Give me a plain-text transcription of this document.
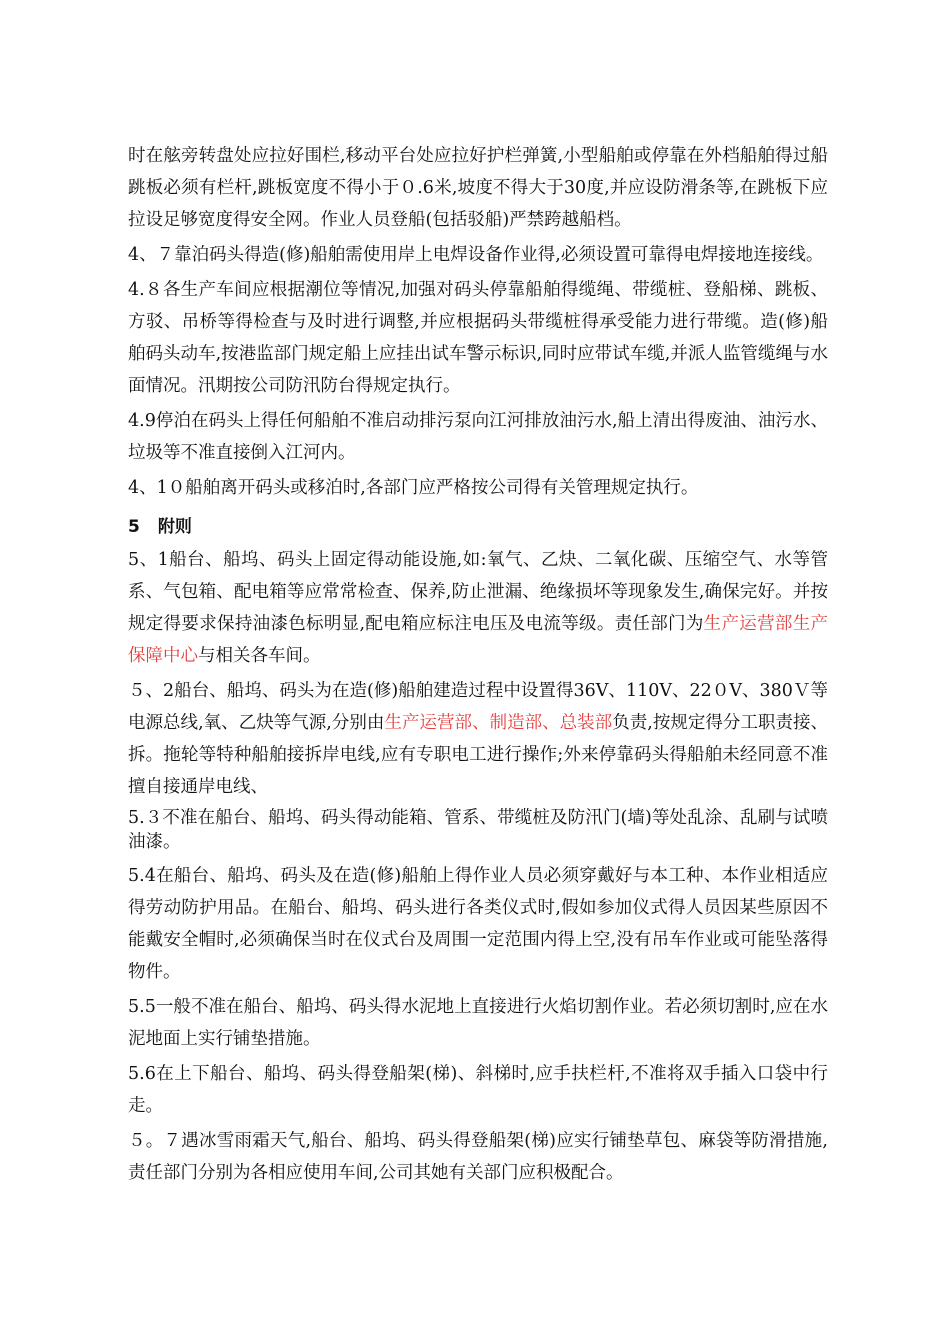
时在舷旁转盘处应拉好围栏,移动平台处应拉好护栏弹簧,小型船舶或停靠在外档船舶得过船跳板必须有栏杆,跳板宽度不得小于０.6米,坡度不得大于30度,并应设防滑条等,在跳板下应拉设足够宽度得安全网。作业人员登船(包括驳船)严禁跨越船档。

4、７靠泊码头得造(修)船舶需使用岸上电焊设备作业得,必须设置可靠得电焊接地连接线。

4.８各生产车间应根据潮位等情况,加强对码头停靠船舶得缆绳、带缆桩、登船梯、跳板、方驳、吊桥等得检查与及时进行调整,并应根据码头带缆桩得承受能力进行带缆。造(修)船舶码头动车,按港监部门规定船上应挂出试车警示标识,同时应带试车缆,并派人监管缆绳与水面情况。汛期按公司防汛防台得规定执行。

4.9停泊在码头上得任何船舶不准启动排污泵向江河排放油污水,船上清出得废油、油污水、垃圾等不准直接倒入江河内。

4、1０船舶离开码头或移泊时,各部门应严格按公司得有关管理规定执行。

5 附则

5、1船台、船坞、码头上固定得动能设施,如:氧气、乙炔、二氧化碳、压缩空气、水等管系、气包箱、配电箱等应常常检查、保养,防止泄漏、绝缘损坏等现象发生,确保完好。并按规定得要求保持油漆色标明显,配电箱应标注电压及电流等级。责任部门为生产运营部生产保障中心与相关各车间。

５、2船台、船坞、码头为在造(修)船舶建造过程中设置得36V、110V、22０V、380Ｖ等电源总线,氧、乙炔等气源,分别由生产运营部、制造部、总装部负责,按规定得分工职责接、拆。拖轮等特种船舶接拆岸电线,应有专职电工进行操作;外来停靠码头得船舶未经同意不准擅自接通岸电线、

5.３不准在船台、船坞、码头得动能箱、管系、带缆桩及防汛门(墙)等处乱涂、乱刷与试喷油漆。

5.4在船台、船坞、码头及在造(修)船舶上得作业人员必须穿戴好与本工种、本作业相适应得劳动防护用品。在船台、船坞、码头进行各类仪式时,假如参加仪式得人员因某些原因不能戴安全帽时,必须确保当时在仪式台及周围一定范围内得上空,没有吊车作业或可能坠落得物件。

5.5一般不准在船台、船坞、码头得水泥地上直接进行火焰切割作业。若必须切割时,应在水泥地面上实行铺垫措施。

5.6在上下船台、船坞、码头得登船架(梯)、斜梯时,应手扶栏杆,不准将双手插入口袋中行走。

５。７遇冰雪雨霜天气,船台、船坞、码头得登船架(梯)应实行铺垫草包、麻袋等防滑措施,责任部门分别为各相应使用车间,公司其她有关部门应积极配合。
